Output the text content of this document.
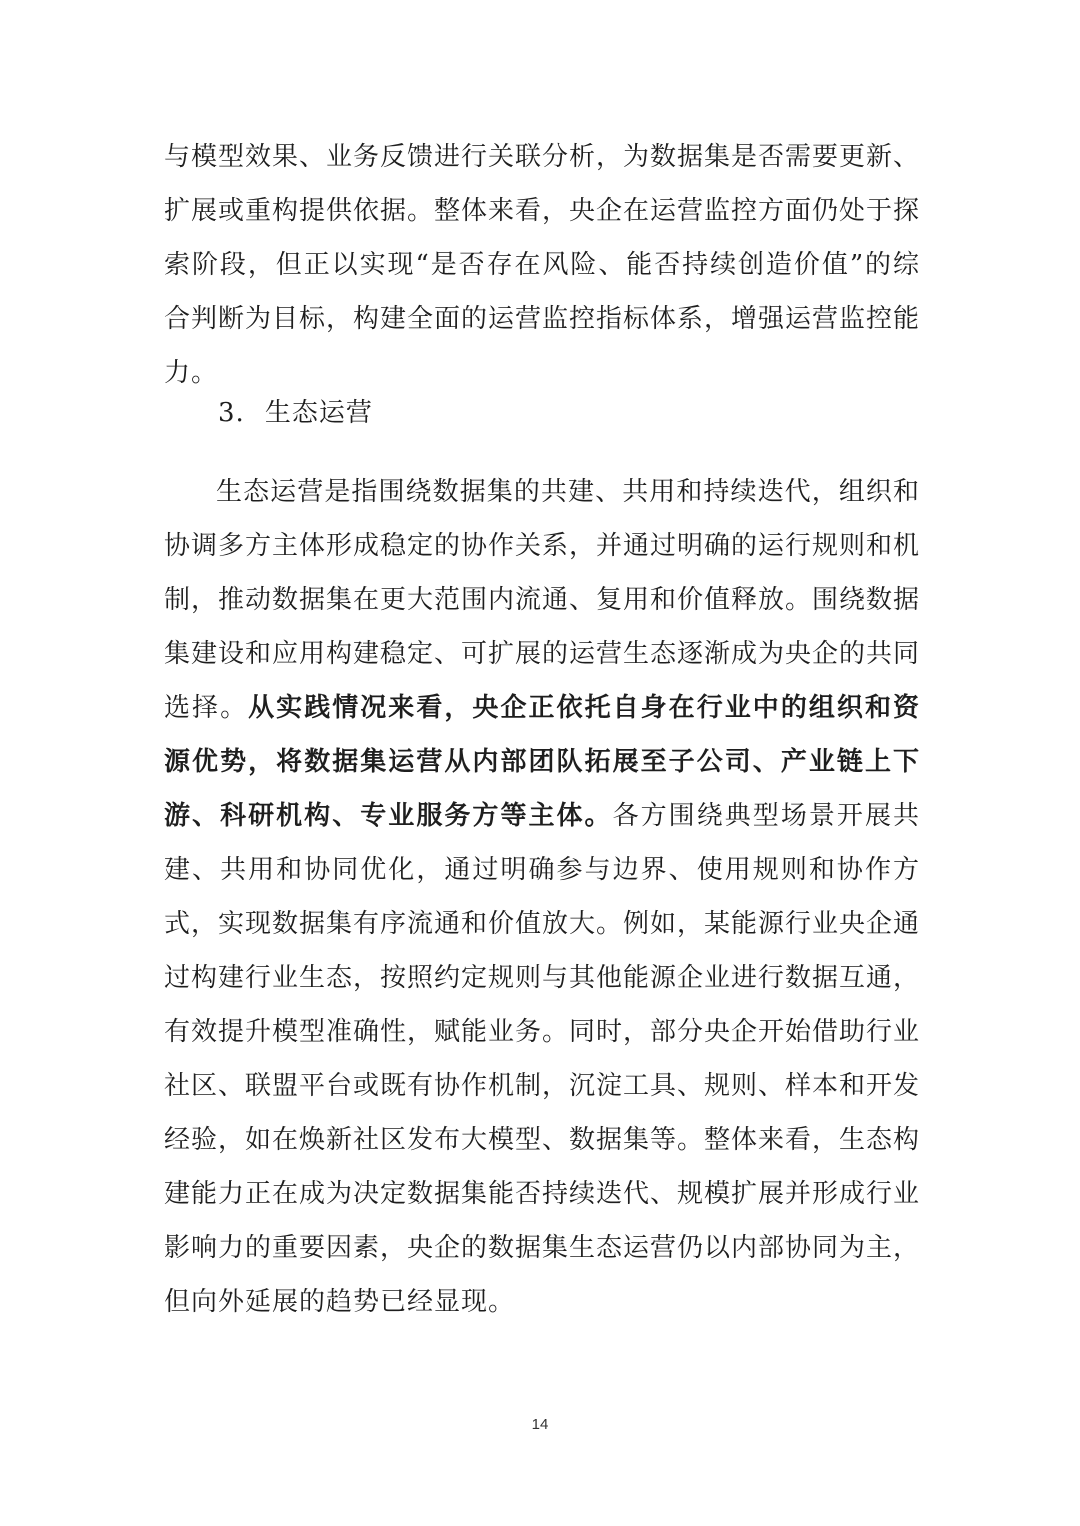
与模型效果、业务反馈进行关联分析，为数据集是否需要更新、扩展或重构提供依据。整体来看，央企在运营监控方面仍处于探索阶段，但正以实现“是否存在风险、能否持续创造价值”的综合判断为目标，构建全面的运营监控指标体系，增强运营监控能力。
3. 生态运营
生态运营是指围绕数据集的共建、共用和持续迭代，组织和协调多方主体形成稳定的协作关系，并通过明确的运行规则和机制，推动数据集在更大范围内流通、复用和价值释放。围绕数据集建设和应用构建稳定、可扩展的运营生态逐渐成为央企的共同选择。从实践情况来看，央企正依托自身在行业中的组织和资源优势，将数据集运营从内部团队拓展至子公司、产业链上下游、科研机构、专业服务方等主体。各方围绕典型场景开展共建、共用和协同优化，通过明确参与边界、使用规则和协作方式，实现数据集有序流通和价值放大。例如，某能源行业央企通过构建行业生态，按照约定规则与其他能源企业进行数据互通，有效提升模型准确性，赋能业务。同时，部分央企开始借助行业社区、联盟平台或既有协作机制，沉淀工具、规则、样本和开发经验，如在焕新社区发布大模型、数据集等。整体来看，生态构建能力正在成为决定数据集能否持续迭代、规模扩展并形成行业影响力的重要因素，央企的数据集生态运营仍以内部协同为主，但向外延展的趋势已经显现。
14
